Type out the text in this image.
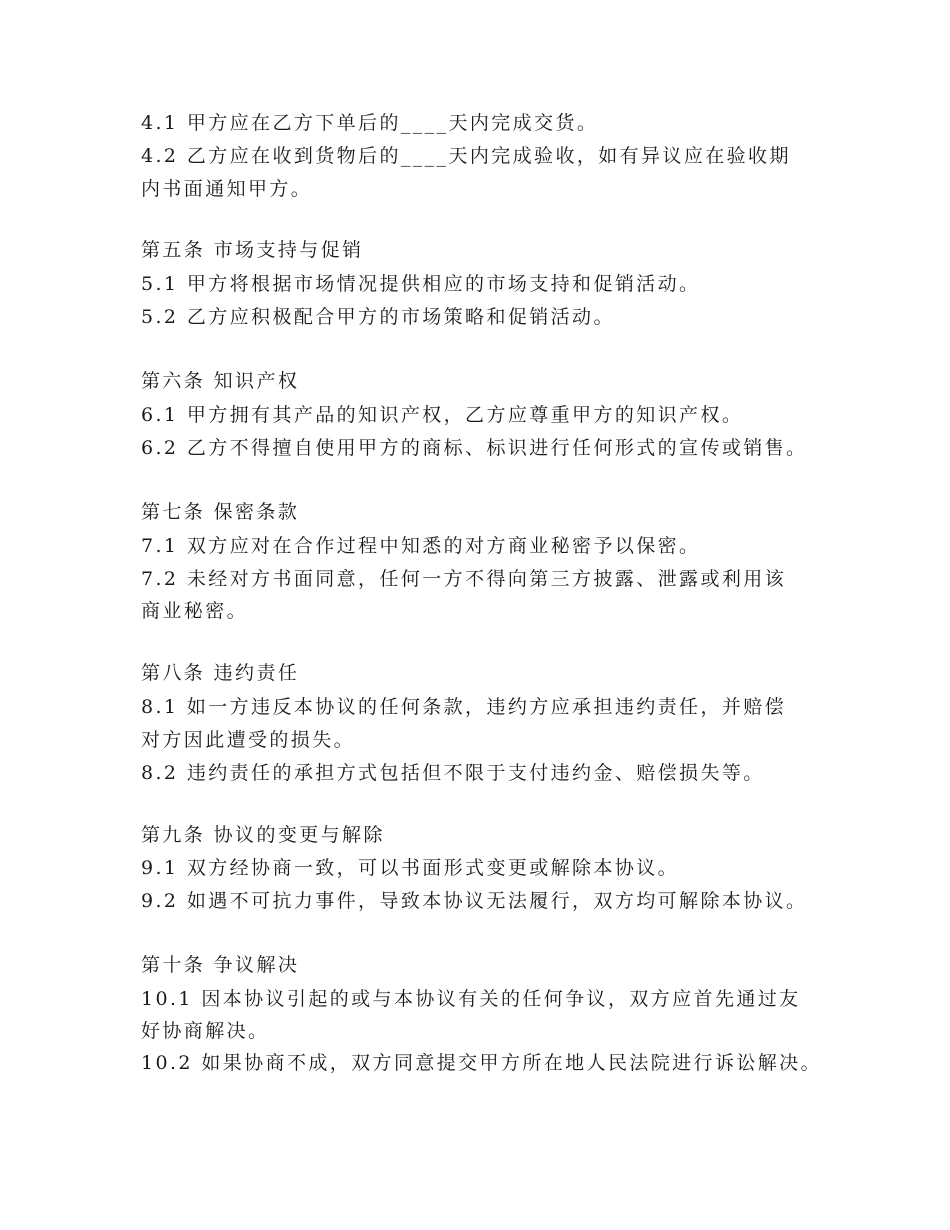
4.1 甲方应在乙方下单后的____天内完成交货。

4.2 乙方应在收到货物后的____天内完成验收，如有异议应在验收期

内书面通知甲方。

第五条 市场支持与促销

5.1 甲方将根据市场情况提供相应的市场支持和促销活动。

5.2 乙方应积极配合甲方的市场策略和促销活动。

第六条 知识产权

6.1 甲方拥有其产品的知识产权，乙方应尊重甲方的知识产权。

6.2 乙方不得擅自使用甲方的商标、标识进行任何形式的宣传或销售。

第七条 保密条款

7.1 双方应对在合作过程中知悉的对方商业秘密予以保密。

7.2 未经对方书面同意，任何一方不得向第三方披露、泄露或利用该

商业秘密。

第八条 违约责任

8.1 如一方违反本协议的任何条款，违约方应承担违约责任，并赔偿

对方因此遭受的损失。

8.2 违约责任的承担方式包括但不限于支付违约金、赔偿损失等。

第九条 协议的变更与解除

9.1 双方经协商一致，可以书面形式变更或解除本协议。

9.2 如遇不可抗力事件，导致本协议无法履行，双方均可解除本协议。

第十条 争议解决

10.1 因本协议引起的或与本协议有关的任何争议，双方应首先通过友

好协商解决。

10.2 如果协商不成，双方同意提交甲方所在地人民法院进行诉讼解决。
